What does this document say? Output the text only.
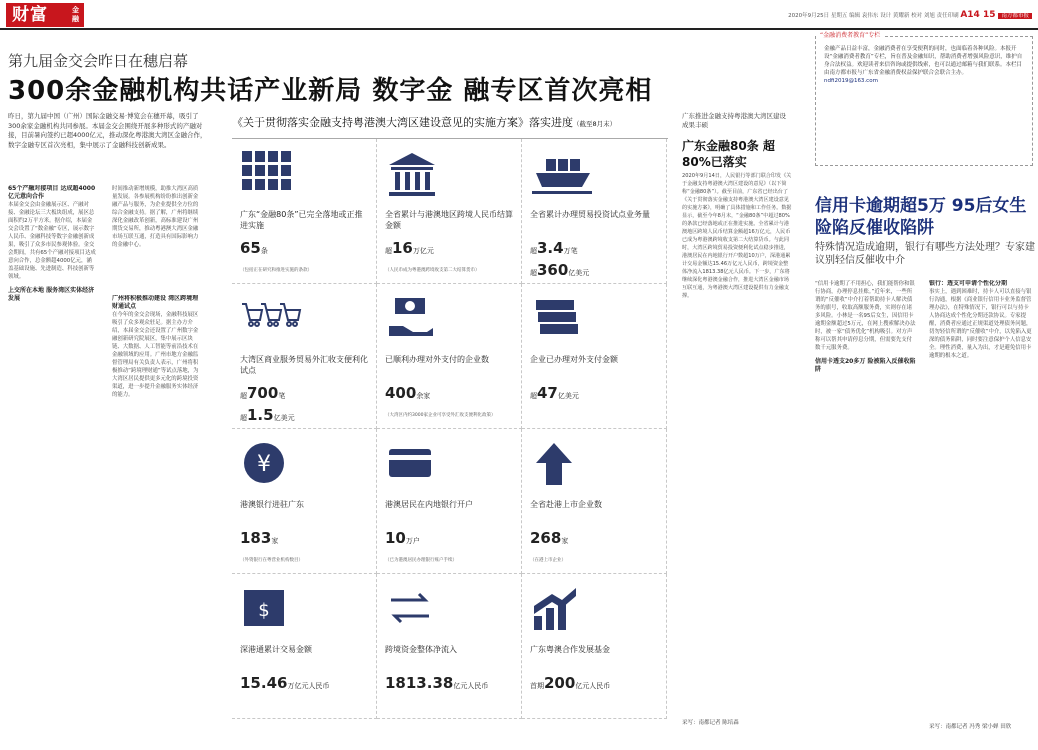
财富	金融	2020年9月25日 星期五 编辑 袁伟东 设计 黄耀新 校对 刘旭 责任印刷 A14 15 南方都市报
第九届金交会昨日在穗启幕
300余金融机构共话产业新局 数字金 融专区首次亮相
昨日，第九届中国（广州）国际金融交易·博览会在穗开幕，吸引了300余家金融机构共同参展。本届金交会围绕开展多种形式的产融对接，目前暑向签约已超4000亿元，推动深化粤港澳大湾区金融合作，数字金融专区首次亮相，集中展示了金融科技创新成果。
65个产融对接项目 达成超4000亿元意向合作
本届金交会由金融展示区、产融对接、金融论坛三大板块组成，展区总面积约2万平方米。据介绍，本届金交会设置了“数金融”专区，展示数字人民币、金融科技等数字金融创新成果，吸引了众多市民参观体验。金交会期间，共有65个产融对接项目达成意向合作，总金额超4000亿元，涵盖基础设施、先进制造、科技创新等领域。
上交所在本地 服务湾区实体经济发展
时间推动新增规模，助推大湾区高质量发展。各参展机构纷纷推出创新金融产品与服务，为企业提供全方位的综合金融支持。据了解，广州将继续深化金融改革创新，高标准建设广州期货交易所，推动粤港澳大湾区金融市场互联互通，打造具有国际影响力的金融中心。
广州将积极推动建设 湾区跨境理财通试点
在今年的金交会现场，金融科技展区吸引了众多观众驻足。据主办方介绍，本届金交会还设置了广州数字金融创新研究院展区，集中展示区块链、大数据、人工智能等前沿技术在金融领域的应用。广州市地方金融监督管理局有关负责人表示，广州将积极推动“跨境理财通”等试点落地，为大湾区居民提供更多元化的跨境投资渠道，进一步提升金融服务实体经济的能力。
《关于贯彻落实金融支持粤港澳大湾区建设意见的实施方案》落实进度（截至8月末）
广东“金融80条”已完全落地或正推进实施
65条
（包括正在研究和推进实施的条款）
全省累计与港澳地区跨境人民币结算金额
超16万亿元
（人民币成为粤港澳跨境收支第二大结算货币）
全省累计办理贸易投资试点业务量
超3.4万笔
超360亿美元
大湾区商业服务贸易外汇收支便利化试点
超700笔
超1.5亿美元
已顺利办理对外支付的企业数
400余家
（大湾区内约3000家企业可享受外汇收支便利化政策）
企业已办理对外支付金额
超47亿美元
¥
港澳银行进驻广东
183家
（外资银行在粤营业机构数目）
港澳居民在内地银行开户
10万户
（已为港澳居民办理银行账户手续）
全省赴港上市企业数
268家
（在港上市企业）
$
深港通累计交易金额
15.46万亿元人民币
跨境资金整体净流入
1813.38亿元人民币
广东粤澳合作发展基金
首期200亿元人民币
广东推进金融支持粤港澳大湾区建设成果丰硕
广东金融80条 超80%已落实
2020年9月14日，人民银行等部门联合印发《关于金融支持粤港澳大湾区建设的意见》（以下简称“金融80条”）。截至目前，广东省已经出台了《关于贯彻落实金融支持粤港澳大湾区建设意见的实施方案》，明确了具体措施和工作任务。数据显示，截至今年8月末，“金融80条”中超过80%的条款已经落地或正在推进实施。全省累计与港澳地区跨境人民币结算金额超16万亿元，人民币已成为粤港澳跨境收支第二大结算货币。与此同时，大湾区跨境贸易投资便利化试点稳步推进，港澳居民在内地银行开户数超10万户，深港通累计交易金额达15.46万亿元人民币，跨境资金整体净流入1813.38亿元人民币。下一步，广东将继续深化粤港澳金融合作，推进大湾区金融市场互联互通，为粤港澳大湾区建设提供有力金融支撑。
采写：南都记者 陈培森
“金融消费者教育”专栏
金融产品日益丰富，金融消费者在享受便利的同时，也面临着各种风险。本报开设“金融消费者教育”专栏，旨在普及金融知识，帮助消费者增强风险意识，维护自身合法权益。欢迎读者来信咨询或提供线索，也可以通过邮箱与我们联系。本栏目由南方都市报与广东省金融消费权益保护联合会联合主办。
ndfi2019@163.com
信用卡逾期超5万 95后女生险陷反催收陷阱
特殊情况造成逾期，银行有哪些方法处理？专家建议别轻信反催收中介
“信用卡逾期了不用担心，我们能帮你和银行协商，办理停息挂账。”近年来，一些所谓的“反催收”中介打着帮助持卡人解决债务的旗号，收取高额服务费，实则存在诸多风险。小林是一名95后女生，因信用卡逾期金额超过5万元，在网上搜索解决办法时，被一家“债务优化”机构吸引。对方声称可以帮其申请停息分期，但需要先支付数千元服务费。
信用卡透支20多万 险被陷入反催收陷阱
银行：透支可申请个性化分期
事实上，遇到困难时，持卡人可以直接与银行沟通，根据《商业银行信用卡业务监督管理办法》，在特殊情况下，银行可以与持卡人协商达成个性化分期还款协议。专家提醒，消费者应通过正规渠道处理债务问题，切勿轻信所谓的“反催收”中介，以免陷入更深的债务陷阱，同时要注意保护个人信息安全。理性消费，量入为出，才是避免信用卡逾期的根本之道。
采写：南都记者 冯秀 梁小婵 田欣
